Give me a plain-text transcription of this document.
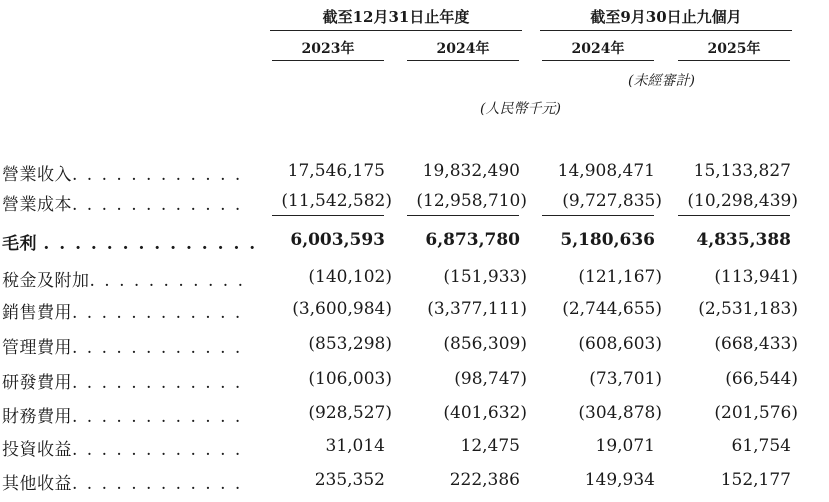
截至12月31日止年度
2023年	2024年
截至9月30日止九個月
2024年	2025年
(未經審計)
(人民幣千元)
營業收入. . . . . . . . . . . .	17,546,175	19,832,490	14,908,471	15,133,827
營業成本. . . . . . . . . . . .	(11,542,582)	(12,958,710)	(9,727,835)	(10,298,439)
毛利 . . . . . . . . . . . . . .	6,003,593	6,873,780	5,180,636	4,835,388
稅金及附加. . . . . . . . . . .	(140,102)	(151,933)	(121,167)	(113,941)
銷售費用. . . . . . . . . . . .	(3,600,984)	(3,377,111)	(2,744,655)	(2,531,183)
管理費用. . . . . . . . . . . .	(853,298)	(856,309)	(608,603)	(668,433)
研發費用. . . . . . . . . . . .	(106,003)	(98,747)	(73,701)	(66,544)
財務費用. . . . . . . . . . . .	(928,527)	(401,632)	(304,878)	(201,576)
投資收益. . . . . . . . . . . .	31,014	12,475	19,071	61,754
其他收益. . . . . . . . . . . .	235,352	222,386	149,934	152,177
